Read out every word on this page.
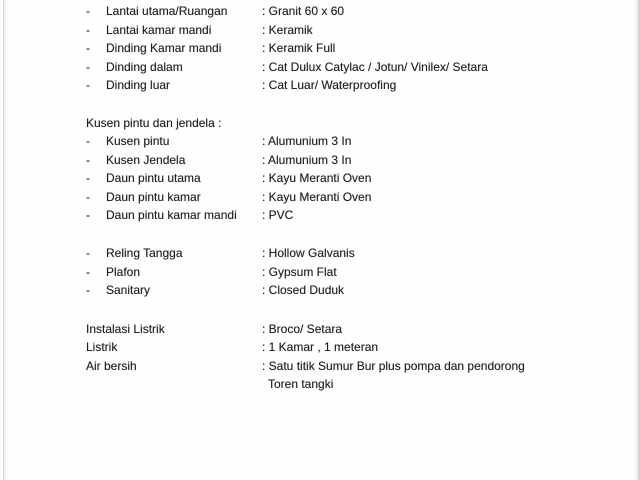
-	Lantai utama/Ruangan	: Granit 60 x 60
-	Lantai kamar mandi	: Keramik
-	Dinding Kamar mandi	: Keramik Full
-	Dinding dalam	: Cat Dulux Catylac / Jotun/ Vinilex/ Setara
-	Dinding luar	: Cat Luar/ Waterproofing
Kusen pintu dan jendela :
-	Kusen pintu	: Alumunium 3 In
-	Kusen Jendela	: Alumunium 3 In
-	Daun pintu utama	: Kayu Meranti Oven
-	Daun pintu kamar	: Kayu Meranti Oven
-	Daun pintu kamar mandi : PVC
-	Reling Tangga	: Hollow Galvanis
-	Plafon	: Gypsum Flat
-	Sanitary	: Closed Duduk
Instalasi Listrik	: Broco/ Setara
Listrik	: 1 Kamar , 1 meteran
Air bersih	: Satu titik Sumur Bur plus pompa dan pendorong
Toren tangki
